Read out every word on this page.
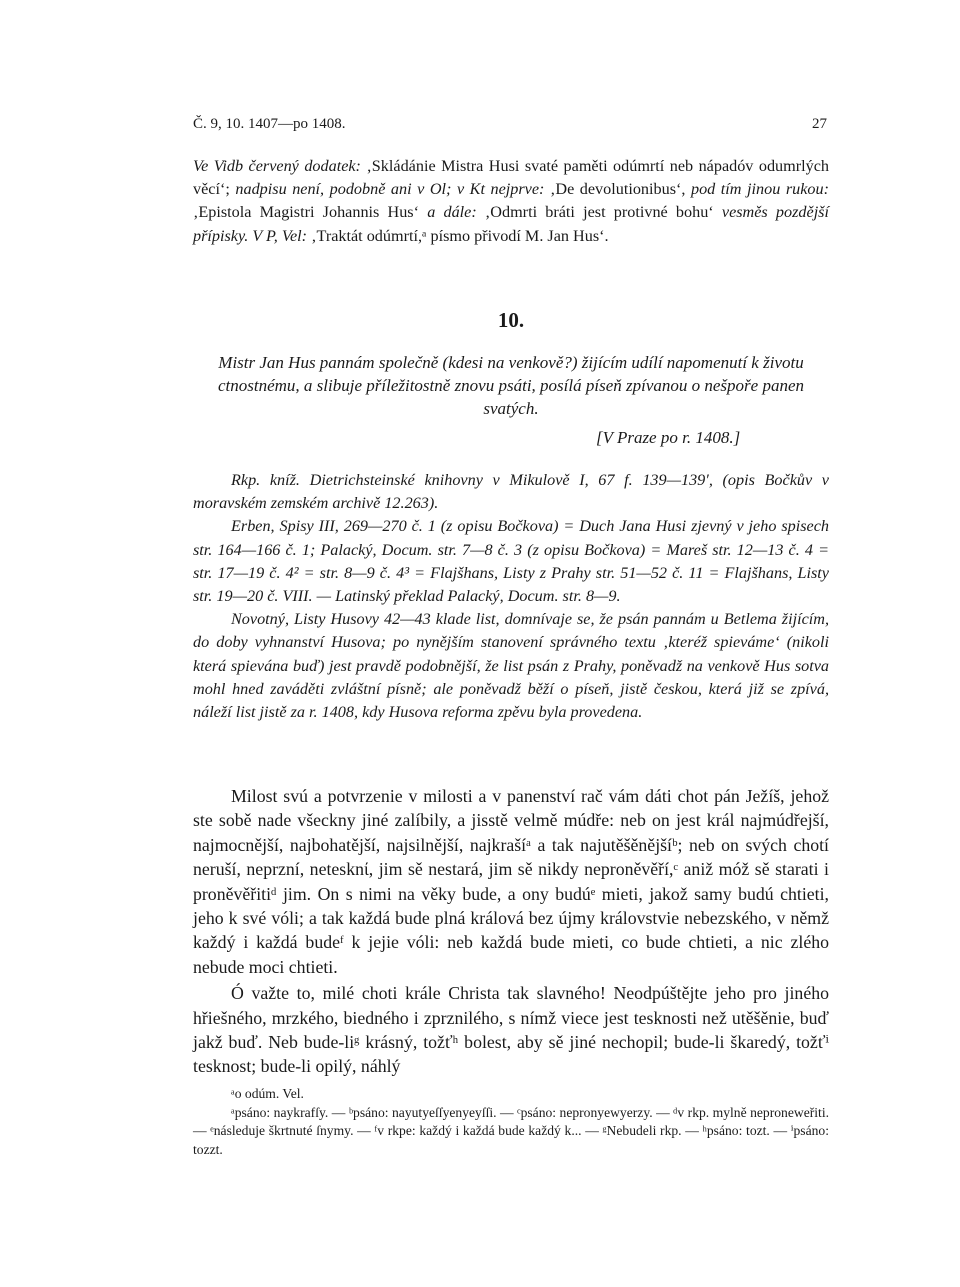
Č. 9, 10. 1407—po 1408.	27
Ve Vidb červený dodatek: ‚Skládánie Mistra Husi svaté paměti odúmrtí neb nápadóv odumrlých věcí‘; nadpisu není, podobně ani v Ol; v Kt nejprve: ‚De devolutionibus‘, pod tím jinou rukou: ‚Epistola Magistri Johannis Hus‘ a dále: ‚Odmrti bráti jest protivné bohu‘ vesměs pozdější přípisky. V P, Vel: ‚Traktát odúmrtí,ᵃ písmo přivodí M. Jan Hus‘.
10.
Mistr Jan Hus pannám společně (kdesi na venkově?) žijícím udílí napomenutí k životu ctnostnému, a slibuje příležitostně znovu psáti, posílá píseň zpívanou o nešpoře panen svatých.
[V Praze po r. 1408.]

Rkp. kníž. Dietrichsteinské knihovny v Mikulově I, 67 f. 139—139′, (opis Bočkův v moravském zemském archivě 12.263).

Erben, Spisy III, 269—270 č. 1 (z opisu Bočkova) = Duch Jana Husi zjevný v jeho spisech str. 164—166 č. 1; Palacký, Docum. str. 7—8 č. 3 (z opisu Bočkova) = Mareš str. 12—13 č. 4 = str. 17—19 č. 4² = str. 8—9 č. 4³ = Flajšhans, Listy z Prahy str. 51—52 č. 11 = Flajšhans, Listy str. 19—20 č. VIII. — Latinský překlad Palacký, Docum. str. 8—9.

Novotný, Listy Husovy 42—43 klade list, domnívaje se, že psán pannám u Betlema žijícím, do doby vyhnanství Husova; po nynějším stanovení správného textu ‚kteréž spieváme‘ (nikoli která spievána buď) jest pravdě podobnější, že list psán z Prahy, poněvadž na venkově Hus sotva mohl hned zaváděti zvláštní písně; ale poněvadž běží o píseň, jistě českou, která již se zpívá, náleží list jistě za r. 1408, kdy Husova reforma zpěvu byla provedena.

Milost svú a potvrzenie v milosti a v panenství rač vám dáti chot pán Ježíš, jehož ste sobě nade všeckny jiné zalíbily, a jisstě velmě múdře: neb on jest král najmúdřejší, najmocnější, najbohatější, najsilnější, najkrašíᵃ a tak najutěšěnějšíᵇ; neb on svých chotí neruší, neprzní, netesknί, jim sě nestará, jim sě nikdy neproněvěří,ᶜ aniž móž sě starati i proněvěřitiᵈ jim. On s nimi na věky bude, a ony budúᵉ mieti, jakož samy budú chtieti, jeho k své vóli; a tak každá bude plná králová bez újmy královstvie nebezského, v němž každý i každá budeᶠ k jejie vóli: neb každá bude mieti, co bude chtieti, a nic zlého nebude moci chtieti.

Ó važte to, milé choti krále Christa tak slavného! Neodpúštějte jeho pro jiného hřiešného, mrzkého, biedného i zprznilého, s nímž viece jest tesknosti než utěšěnie, buď jakž buď. Neb bude-liᵍ krásný, tožťʰ bolest, aby sě jiné nechopil; bude-li škaredý, tožťⁱ tesknost; bude-li opilý, náhlý

ᵃo odúm. Vel.

ᵃpsáno: naykrafſy. — ᵇpsáno: nayutyeſſyenyeyſſi. — ᶜpsáno: nepronyewyerzy. — ᵈv rkp. mylně neproneweřiti. — ᵉnásleduje škrtnuté ſnymy. — ᶠv rkpe: každý i každá bude každý k... — ᵍNebudeli rkp. — ʰpsáno: tozt. — ⁱpsáno: tozzt.
